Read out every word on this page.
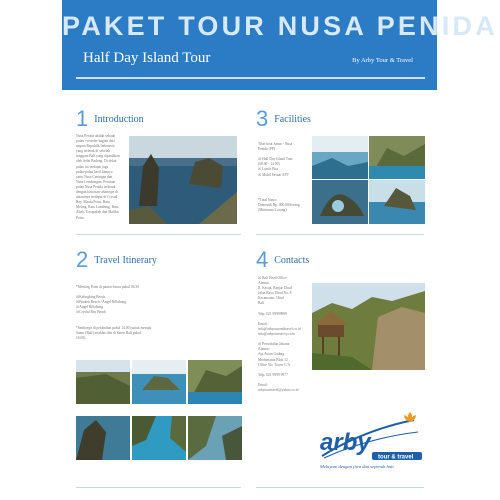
PAKET TOUR NUSA PENIDA
Half Day Island Tour	By Arby Tour & Travel
1 Introduction

Nusa Penida adalah sebuah

pulau +wonder bagian dari

negara Republik Indonesia

yang terletak di sebelah

tenggara Bali yang dipisahkan

oleh Selat Badung. Di dekat

pulau ini terdapat juga

pulau-pulau kecil lainnya

yaitu Nusa Ceningan dan

Nusa Lembongan. Perairan

pulau Nusa Penida terkenal

dengan kawasan selamnya di

antaranya terdapat di Crystal

Bay, Manta Point, Batu

Meling, Batu Lumbung, Batu

Abah, Toyapakeh dan Malibu

Point.

3 Facilities

Tiket boat Sanur - Nusa

Penida (PP)

☒ Half Day Island Tour

(08.00 - 14.00)

☒ Lunch Box

☒ Mobil Sesuai APV

*Total biaya:

Domestik Rp. 000.000/orang

(Minimum 2 orang)

2 Travel Itinerary

*Meeting Point di pantai Sanur pukul 06.30

☒Kelingking Beach

☒Broken Beach / Angel Billabong

☒Angel Billabong

☒Crystal Bay Beach

*Setibanya di pelabuhan pukul 14.00 (untuk menuju

Sanur (Bali) terakhir tiba di Sanur Bali pukul

16.00).

4 Contacts

☒ Bali Head Office

Alamat:

Jl. Kecak, Banjar Ubud

Jalan Raya Ubud No. 8

Kecamatan, Ubud

Bali

Telp: 021 99999999

Email:

info@arbytourandtravel.co.id

info@arbytoursavvy.com

☒ Perwakilan Jakarta

Alamat:

Apt Aston Gading

Mediterania Blok 12

Office No. Tower C/A

Telp: 021 9999 9977

Email:

arbytourtravel@yahoo.co.id

arby
tour & travel
Melayani dengan jiwa dan sepenuh hati
